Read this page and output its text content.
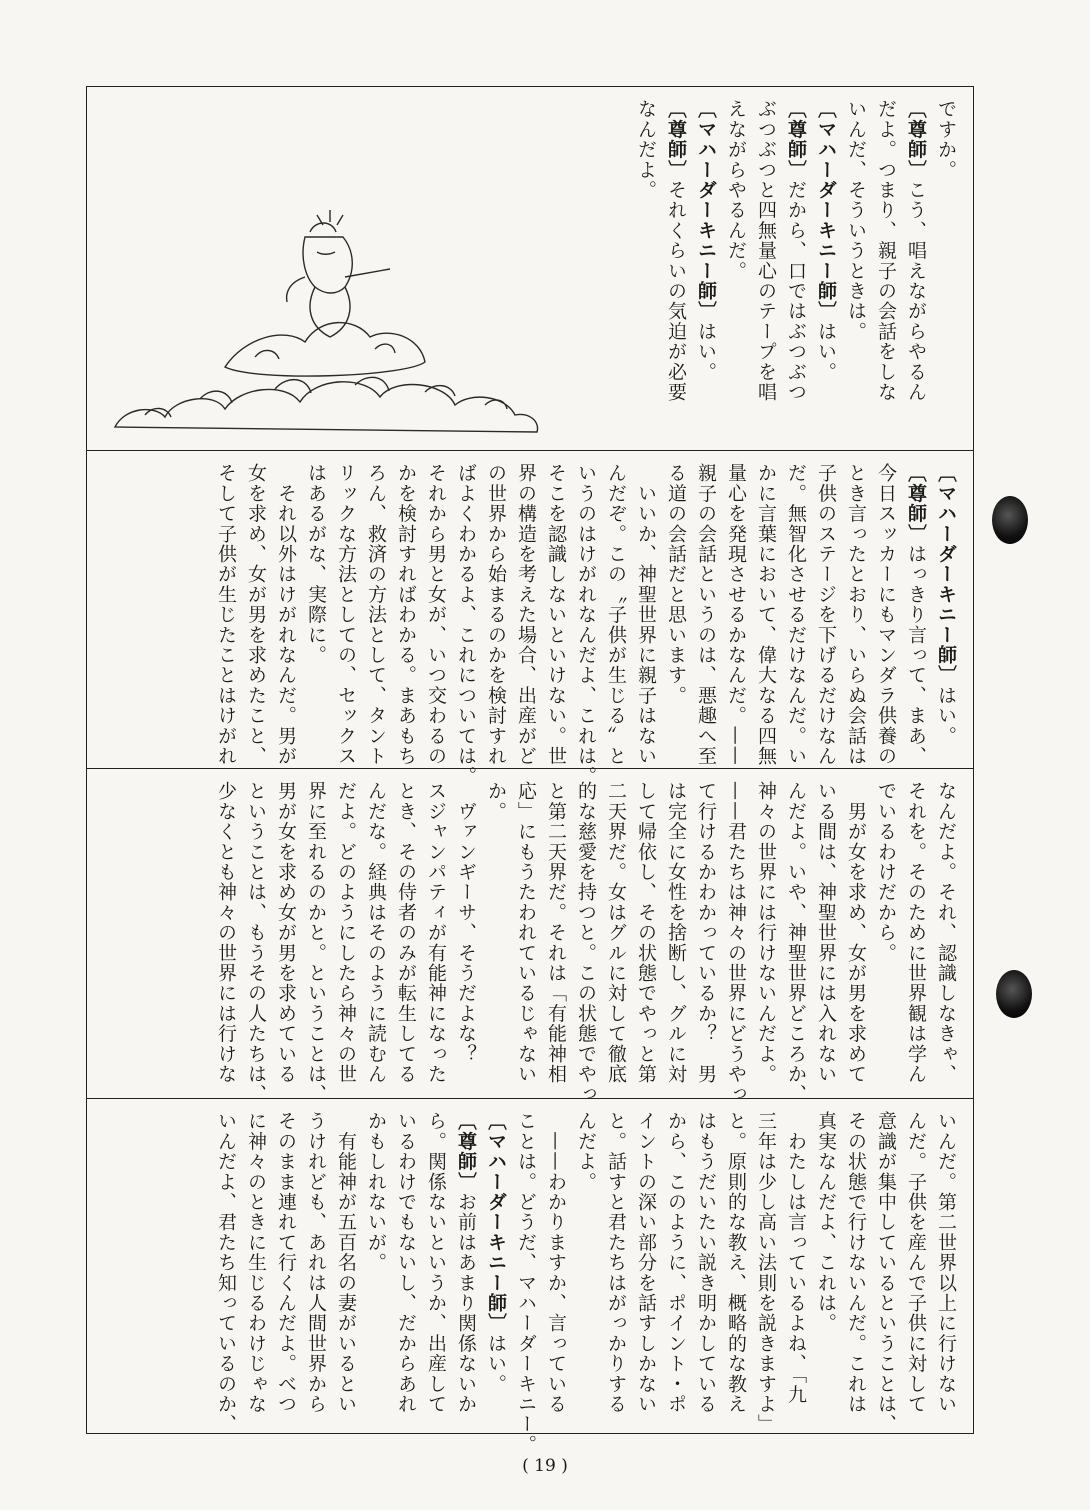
ですか。

〔尊師〕こう、唱えながらやるん

だよ。つまり、親子の会話をしな

いんだ、そういうときは。

〔マハーダーキニー師〕はい。

〔尊師〕だから、口ではぶつぶつ

ぶつぶつと四無量心のテープを唱

えながらやるんだ。

〔マハーダーキニー師〕はい。

〔尊師〕それくらいの気迫が必要

なんだよ。

〔マハーダーキニー師〕はい。

〔尊師〕はっきり言って、まあ、

今日スッカーにもマンダラ供養の

とき言ったとおり、いらぬ会話は

子供のステージを下げるだけなん

だ。無智化させるだけなんだ。い

かに言葉において、偉大なる四無

量心を発現させるかなんだ。——

親子の会話というのは、悪趣へ至

る道の会話だと思います。

　いいか、神聖世界に親子はない

んだぞ。この〝子供が生じる〟と

いうのはけがれなんだよ、これは。

そこを認識しないといけない。世

界の構造を考えた場合、出産がど

の世界から始まるのかを検討すれ

ばよくわかるよ、これについては。

それから男と女が、いつ交わるの

かを検討すればわかる。まあもち

ろん、救済の方法として、タント

リックな方法としての、セックス

はあるがな、実際に。

　それ以外はけがれなんだ。男が

女を求め、女が男を求めたこと、

そして子供が生じたことはけがれ

なんだよ。それ、認識しなきゃ、

それを。そのために世界観は学ん

でいるわけだから。

　男が女を求め、女が男を求めて

いる間は、神聖世界には入れない

んだよ。いや、神聖世界どころか、

神々の世界には行けないんだよ。

——君たちは神々の世界にどうやっ

て行けるかわかっているか？　男

は完全に女性を捨断し、グルに対

して帰依し、その状態でやっと第

二天界だ。女はグルに対して徹底

的な慈愛を持つと。この状態でやっ

と第二天界だ。それは「有能神相

応」にもうたわれているじゃない

か。

　ヴァンギーサ、そうだよな？

スジャンパティが有能神になった

とき、その侍者のみが転生してる

んだな。経典はそのように読むん

だよ。どのようにしたら神々の世

界に至れるのかと。ということは、

男が女を求め女が男を求めている

ということは、もうその人たちは、

少なくとも神々の世界には行けな

いんだ。第二世界以上に行けない

んだ。子供を産んで子供に対して

意識が集中しているということは、

その状態で行けないんだ。これは

真実なんだよ、これは。

　わたしは言っているよね、「九

三年は少し高い法則を説きますよ」

と。原則的な教え、概略的な教え

はもうだいたい説き明かしている

から、このように、ポイント・ポ

イントの深い部分を話すしかない

と。話すと君たちはがっかりする

んだよ。

　——わかりますか、言っている

ことは。どうだ、マハーダーキニー。

〔マハーダーキニー師〕はい。

〔尊師〕お前はあまり関係ないか

ら。関係ないというか、出産して

いるわけでもないし、だからあれ

かもしれないが。

　有能神が五百名の妻がいるとい

うけれども、あれは人間世界から

そのまま連れて行くんだよ。べつ

に神々のときに生じるわけじゃな

いんだよ、君たち知っているのか、

( 19 )
